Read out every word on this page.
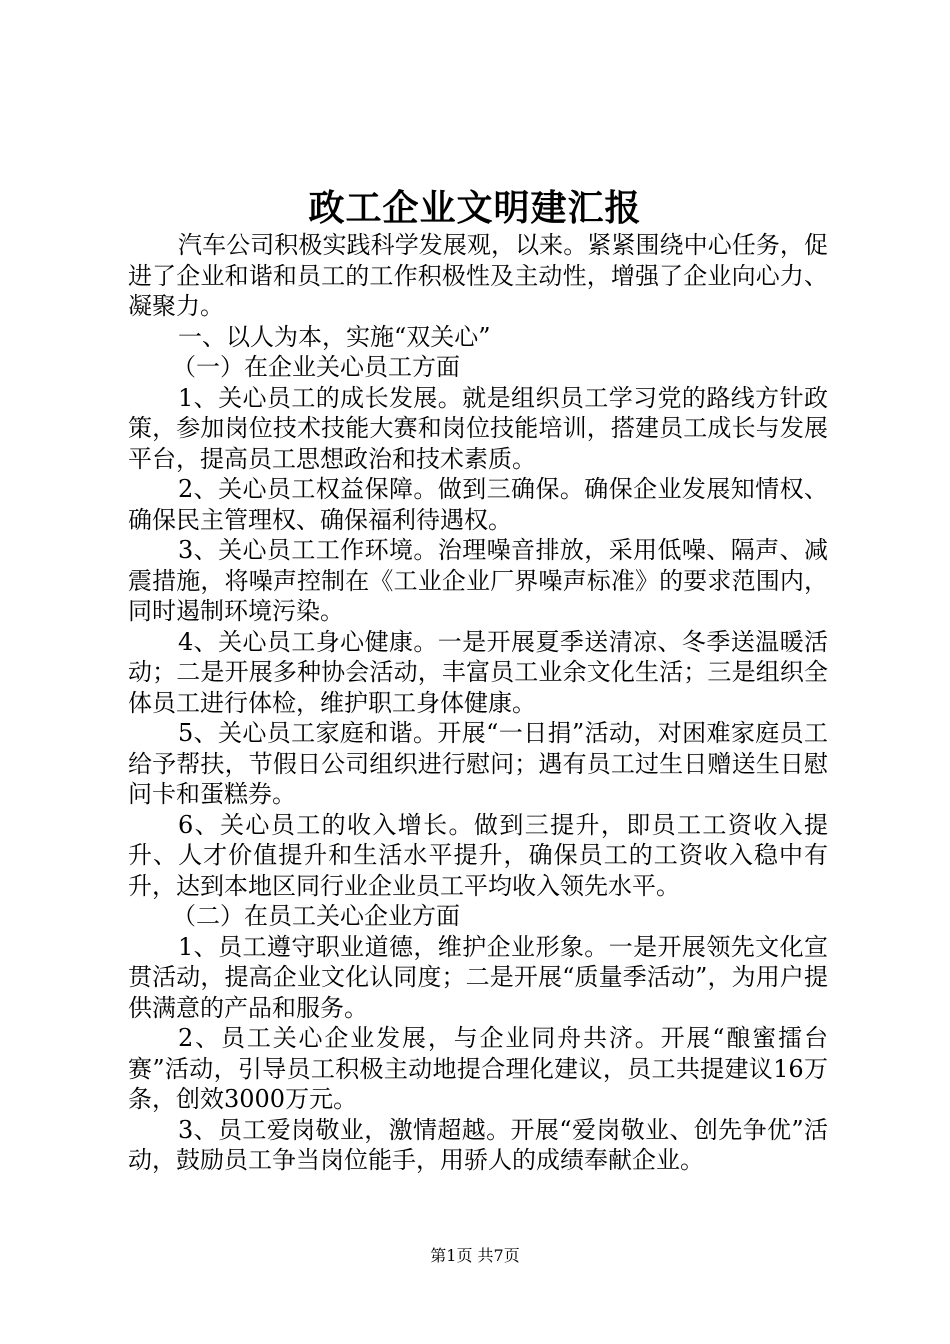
政工企业文明建汇报

汽车公司积极实践科学发展观，以来。紧紧围绕中心任务，促进了企业和谐和员工的工作积极性及主动性，增强了企业向心力、凝聚力。

一、以人为本，实施“双关心”

（一）在企业关心员工方面

1、关心员工的成长发展。就是组织员工学习党的路线方针政策，参加岗位技术技能大赛和岗位技能培训，搭建员工成长与发展平台，提高员工思想政治和技术素质。

2、关心员工权益保障。做到三确保。确保企业发展知情权、确保民主管理权、确保福利待遇权。

3、关心员工工作环境。治理噪音排放，采用低噪、隔声、减震措施，将噪声控制在《工业企业厂界噪声标准》的要求范围内，同时遏制环境污染。

4、关心员工身心健康。一是开展夏季送清凉、冬季送温暖活动；二是开展多种协会活动，丰富员工业余文化生活；三是组织全体员工进行体检，维护职工身体健康。

5、关心员工家庭和谐。开展“一日捐”活动，对困难家庭员工给予帮扶，节假日公司组织进行慰问；遇有员工过生日赠送生日慰问卡和蛋糕券。

6、关心员工的收入增长。做到三提升，即员工工资收入提升、人才价值提升和生活水平提升，确保员工的工资收入稳中有升，达到本地区同行业企业员工平均收入领先水平。

（二）在员工关心企业方面

1、员工遵守职业道德，维护企业形象。一是开展领先文化宣贯活动，提高企业文化认同度；二是开展“质量季活动”，为用户提供满意的产品和服务。

2、员工关心企业发展，与企业同舟共济。开展“酿蜜擂台赛”活动，引导员工积极主动地提合理化建议，员工共提建议16万条，创效3000万元。

3、员工爱岗敬业，激情超越。开展“爱岗敬业、创先争优”活动，鼓励员工争当岗位能手，用骄人的成绩奉献企业。

第1页 共7页
